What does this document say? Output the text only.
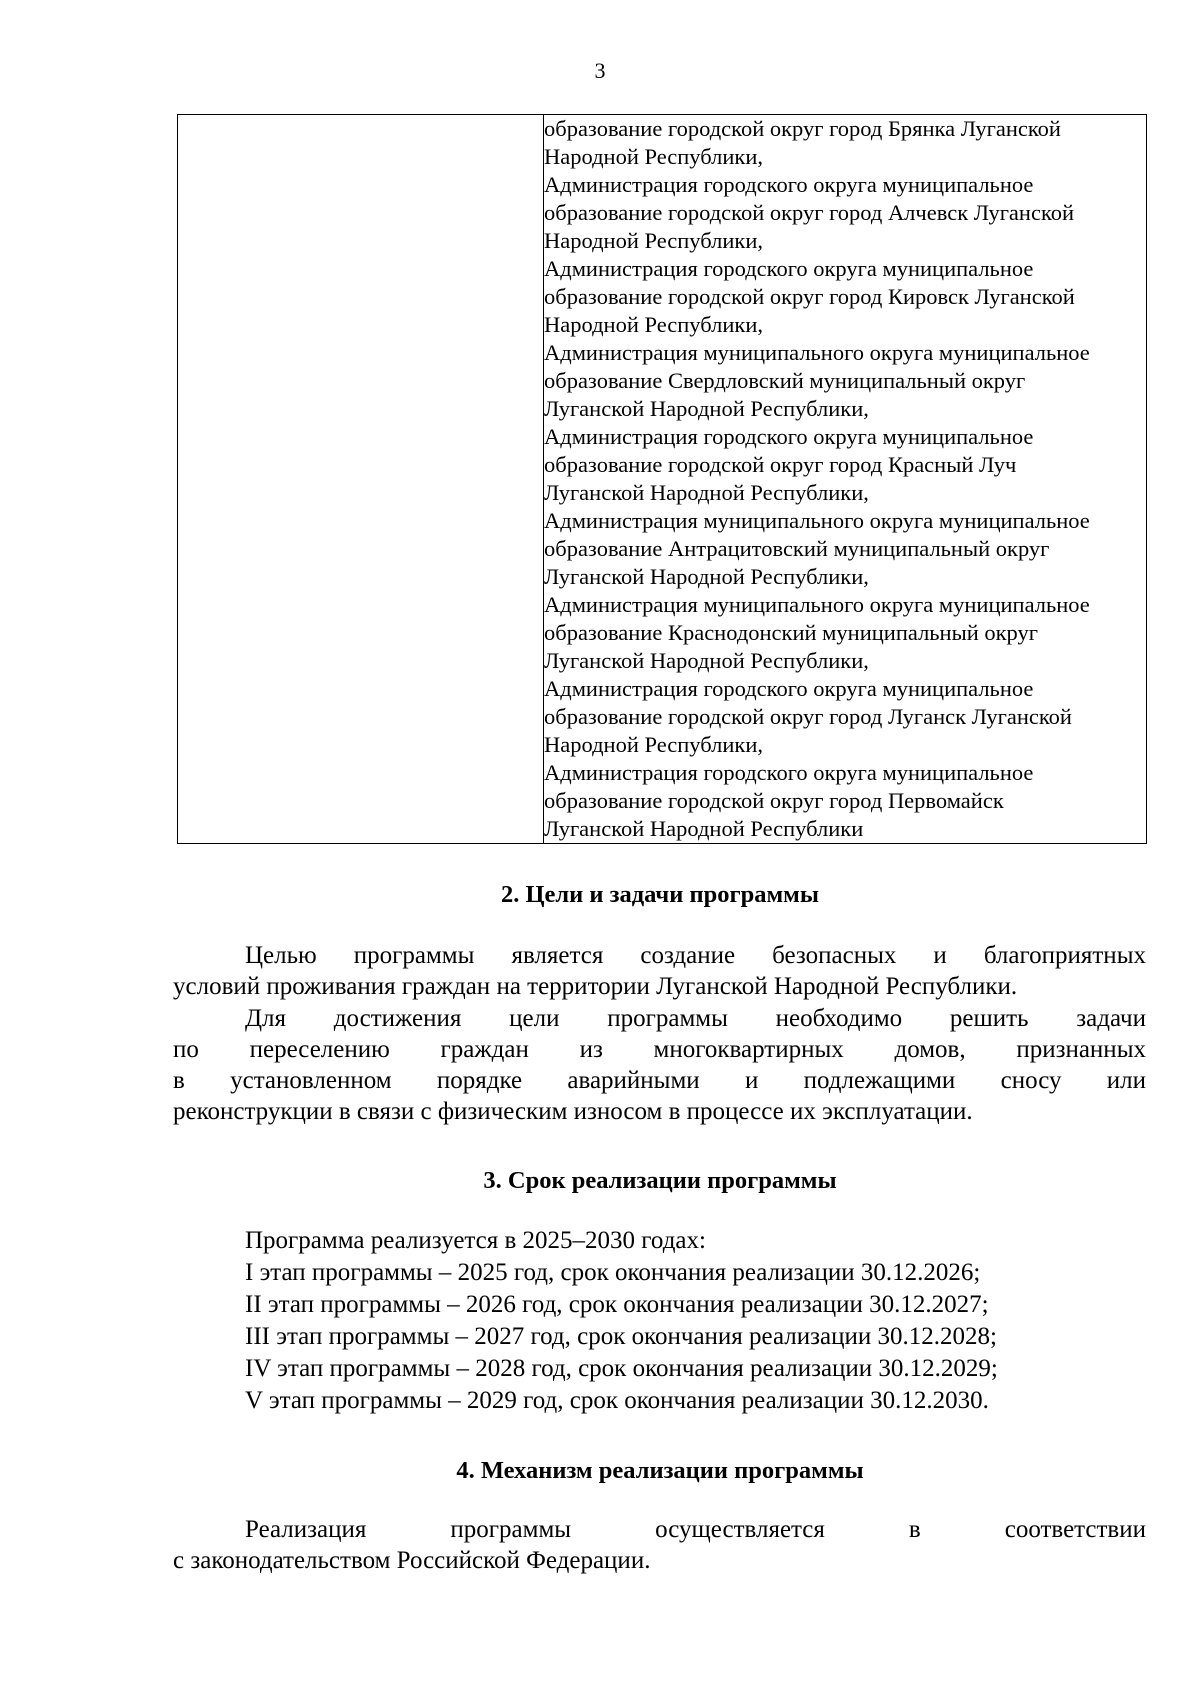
3

образование городской округ город Брянка Луганской
Народной Республики,
Администрация городского округа муниципальное
образование городской округ город Алчевск Луганской
Народной Республики,
Администрация городского округа муниципальное
образование городской округ город Кировск Луганской
Народной Республики,
Администрация муниципального округа муниципальное
образование Свердловский муниципальный округ
Луганской Народной Республики,
Администрация городского округа муниципальное
образование городской округ город Красный Луч
Луганской Народной Республики,
Администрация муниципального округа муниципальное
образование Антрацитовский муниципальный округ
Луганской Народной Республики,
Администрация муниципального округа муниципальное
образование Краснодонский муниципальный округ
Луганской Народной Республики,
Администрация городского округа муниципальное
образование городской округ город Луганск Луганской
Народной Республики,
Администрация городского округа муниципальное
образование городской округ город Первомайск
Луганской Народной Республики
2. Цели и задачи программы
Целью программы является создание безопасных и благоприятных
условий проживания граждан на территории Луганской Народной Республики.
Для достижения цели программы необходимо решить задачи
по переселению граждан из многоквартирных домов, признанных
в установленном порядке аварийными и подлежащими сносу или
реконструкции в связи с физическим износом в процессе их эксплуатации.
3. Срок реализации программы
Программа реализуется в 2025–2030 годах:
I этап программы – 2025 год, срок окончания реализации 30.12.2026;
II этап программы – 2026 год, срок окончания реализации 30.12.2027;
III этап программы – 2027 год, срок окончания реализации 30.12.2028;
IV этап программы – 2028 год, срок окончания реализации 30.12.2029;
V этап программы – 2029 год, срок окончания реализации 30.12.2030.
4. Механизм реализации программы
Реализация программы осуществляется в соответствии
с законодательством Российской Федерации.
